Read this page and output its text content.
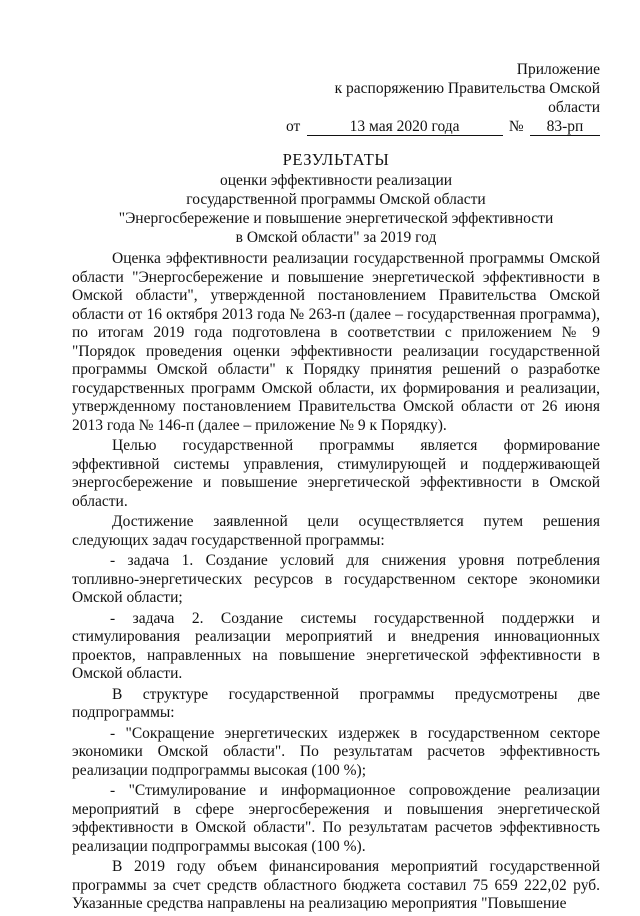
Приложение
к распоряжению Правительства Омской области
от	13 мая 2020 года	№	83-рп
РЕЗУЛЬТАТЫ
оценки эффективности реализации
государственной программы Омской области
"Энергосбережение и повышение энергетической эффективности
в Омской области" за 2019 год

Оценка эффективности реализации государственной программы Омской области "Энергосбережение и повышение энергетической эффективности в Омской области", утвержденной постановлением Правительства Омской области от 16 октября 2013 года № 263-п (далее – государственная программа), по итогам 2019 года подготовлена в соответствии с приложением № 9 "Порядок проведения оценки эффективности реализации государственной программы Омской области" к Порядку принятия решений о разработке государственных программ Омской области, их формирования и реализации, утвержденному постановлением Правительства Омской области от 26 июня 2013 года № 146-п (далее – приложение № 9 к Порядку).

Целью государственной программы является формирование эффективной системы управления, стимулирующей и поддерживающей энергосбережение и повышение энергетической эффективности в Омской области.

Достижение заявленной цели осуществляется путем решения следующих задач государственной программы:

- задача 1. Создание условий для снижения уровня потребления топливно-энергетических ресурсов в государственном секторе экономики Омской области;

- задача 2. Создание системы государственной поддержки и стимулирования реализации мероприятий и внедрения инновационных проектов, направленных на повышение энергетической эффективности в Омской области.

В структуре государственной программы предусмотрены две подпрограммы:

- "Сокращение энергетических издержек в государственном секторе экономики Омской области". По результатам расчетов эффективность реализации подпрограммы высокая (100 %);

- "Стимулирование и информационное сопровождение реализации мероприятий в сфере энергосбережения и повышения энергетической эффективности в Омской области". По результатам расчетов эффективность реализации подпрограммы высокая (100 %).

В 2019 году объем финансирования мероприятий государственной программы за счет средств областного бюджета составил 75 659 222,02 руб. Указанные средства направлены на реализацию мероприятия "Повышение
